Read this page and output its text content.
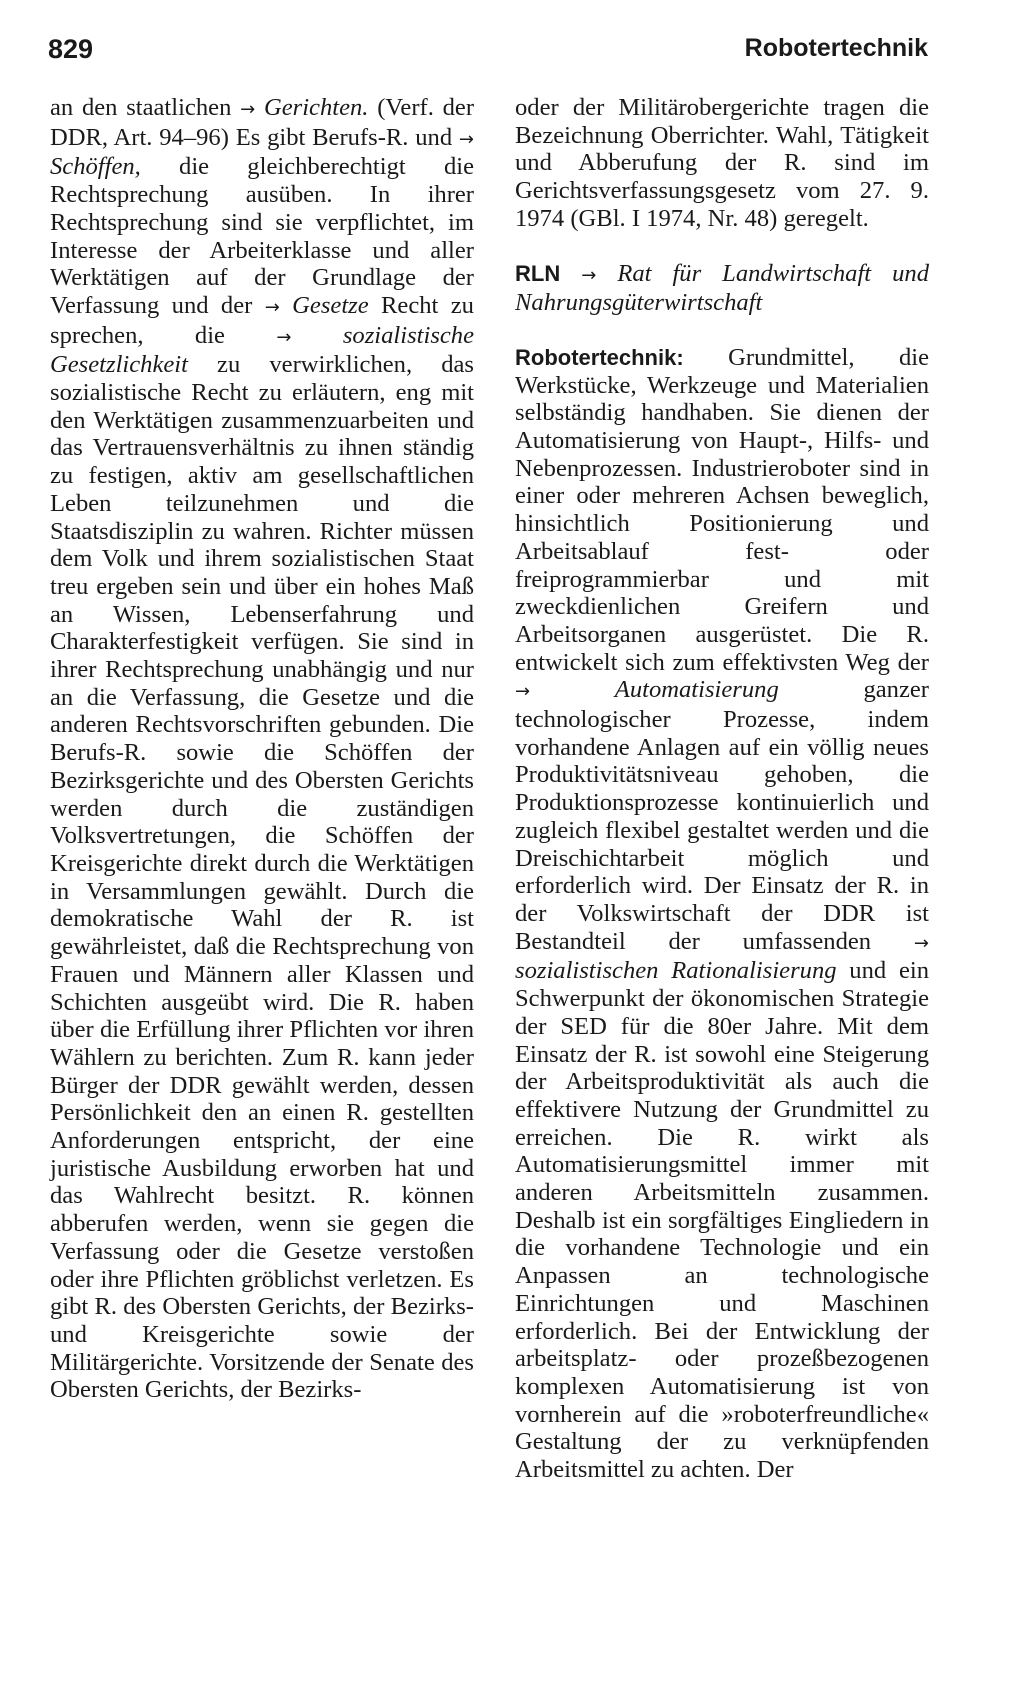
829	Robotertechnik

an den staatlichen → Gerichten. (Verf. der DDR, Art. 94–96) Es gibt Berufs-R. und → Schöffen, die gleichberechtigt die Rechtsprechung ausüben. In ihrer Rechtsprechung sind sie verpflichtet, im Interesse der Arbeiterklasse und aller Werktätigen auf der Grundlage der Verfassung und der → Gesetze Recht zu sprechen, die → sozialistische Gesetzlichkeit zu verwirklichen, das sozialistische Recht zu erläutern, eng mit den Werktätigen zusammenzuarbeiten und das Vertrauensverhältnis zu ihnen ständig zu festigen, aktiv am gesellschaftlichen Leben teilzunehmen und die Staatsdisziplin zu wahren. Richter müssen dem Volk und ihrem sozialistischen Staat treu ergeben sein und über ein hohes Maß an Wissen, Lebenserfahrung und Charakterfestigkeit verfügen. Sie sind in ihrer Rechtsprechung unabhängig und nur an die Verfassung, die Gesetze und die anderen Rechtsvorschriften gebunden. Die Berufs-R. sowie die Schöffen der Bezirksgerichte und des Obersten Gerichts werden durch die zuständigen Volksvertretungen, die Schöffen der Kreisgerichte direkt durch die Werktätigen in Versammlungen gewählt. Durch die demokratische Wahl der R. ist gewährleistet, daß die Rechtsprechung von Frauen und Männern aller Klassen und Schichten ausgeübt wird. Die R. haben über die Erfüllung ihrer Pflichten vor ihren Wählern zu berichten. Zum R. kann jeder Bürger der DDR gewählt werden, dessen Persönlichkeit den an einen R. gestellten Anforderungen entspricht, der eine juristische Ausbildung erworben hat und das Wahlrecht besitzt. R. können abberufen werden, wenn sie gegen die Verfassung oder die Gesetze verstoßen oder ihre Pflichten gröblichst verletzen. Es gibt R. des Obersten Gerichts, der Bezirks- und Kreisgerichte sowie der Militärgerichte. Vorsitzende der Senate des Obersten Gerichts, der Bezirks-

oder der Militärobergerichte tragen die Bezeichnung Oberrichter. Wahl, Tätigkeit und Abberufung der R. sind im Gerichtsverfassungsgesetz vom 27. 9. 1974 (GBl. I 1974, Nr. 48) geregelt.

RLN → Rat für Landwirtschaft und Nahrungsgüterwirtschaft

Robotertechnik: Grundmittel, die Werkstücke, Werkzeuge und Materialien selbständig handhaben. Sie dienen der Automatisierung von Haupt-, Hilfs- und Nebenprozessen. Industrieroboter sind in einer oder mehreren Achsen beweglich, hinsichtlich Positionierung und Arbeitsablauf fest- oder freiprogrammierbar und mit zweckdienlichen Greifern und Arbeitsorganen ausgerüstet. Die R. entwickelt sich zum effektivsten Weg der →	Automatisierung ganzer technologischer Prozesse, indem vorhandene Anlagen auf ein völlig neues Produktivitätsniveau gehoben, die Produktionsprozesse kontinuierlich und zugleich flexibel gestaltet werden und die Dreischichtarbeit möglich und erforderlich wird. Der Einsatz der R. in der Volkswirtschaft der DDR ist Bestandteil der umfassenden → sozialistischen Rationalisierung und ein Schwerpunkt der ökonomischen Strategie der SED für die 80er Jahre. Mit dem Einsatz der R. ist sowohl eine Steigerung der Arbeitsproduktivität als auch die effektivere Nutzung der Grundmittel zu erreichen. Die R. wirkt als Automatisierungsmittel immer mit anderen Arbeitsmitteln zusammen. Deshalb ist ein sorgfältiges Eingliedern in die vorhandene Technologie und ein Anpassen an technologische Einrichtungen und Maschinen erforderlich. Bei der Entwicklung der arbeitsplatz- oder prozeßbezogenen komplexen Automatisierung ist von vornherein auf die »roboterfreundliche« Gestaltung der zu verknüpfenden Arbeitsmittel zu achten. Der
